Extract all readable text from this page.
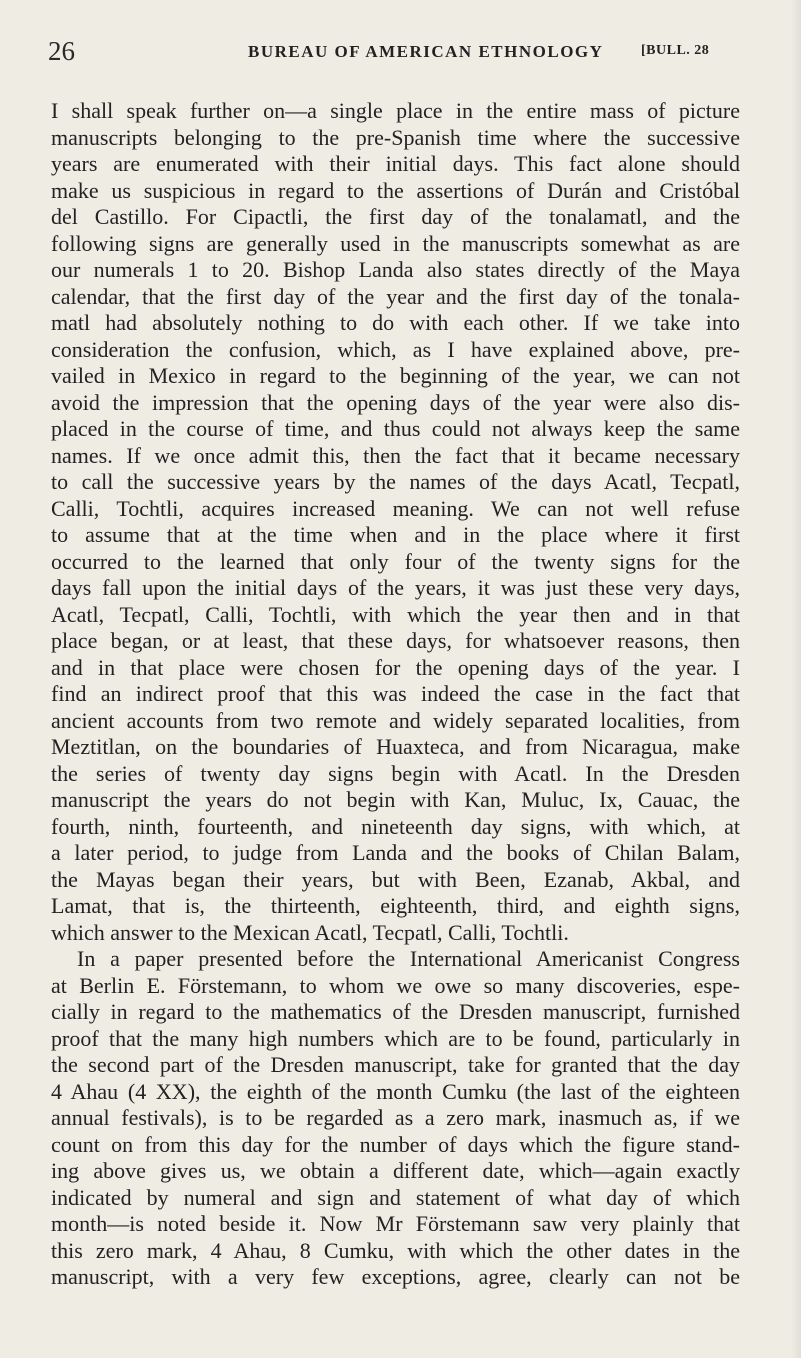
26	BUREAU OF AMERICAN ETHNOLOGY	[BULL. 28
I shall speak further on—a single place in the entire mass of picture
manuscripts belonging to the pre-Spanish time where the successive
years are enumerated with their initial days. This fact alone should
make us suspicious in regard to the assertions of Durán and Cristóbal
del Castillo. For Cipactli, the first day of the tonalamatl, and the
following signs are generally used in the manuscripts somewhat as are
our numerals 1 to 20. Bishop Landa also states directly of the Maya
calendar, that the first day of the year and the first day of the tonala-
matl had absolutely nothing to do with each other. If we take into
consideration the confusion, which, as I have explained above, pre-
vailed in Mexico in regard to the beginning of the year, we can not
avoid the impression that the opening days of the year were also dis-
placed in the course of time, and thus could not always keep the same
names. If we once admit this, then the fact that it became necessary
to call the successive years by the names of the days Acatl, Tecpatl,
Calli, Tochtli, acquires increased meaning. We can not well refuse
to assume that at the time when and in the place where it first
occurred to the learned that only four of the twenty signs for the
days fall upon the initial days of the years, it was just these very days,
Acatl, Tecpatl, Calli, Tochtli, with which the year then and in that
place began, or at least, that these days, for whatsoever reasons, then
and in that place were chosen for the opening days of the year. I
find an indirect proof that this was indeed the case in the fact that
ancient accounts from two remote and widely separated localities, from
Meztitlan, on the boundaries of Huaxteca, and from Nicaragua, make
the series of twenty day signs begin with Acatl. In the Dresden
manuscript the years do not begin with Kan, Muluc, Ix, Cauac, the
fourth, ninth, fourteenth, and nineteenth day signs, with which, at
a later period, to judge from Landa and the books of Chilan Balam,
the Mayas began their years, but with Been, Ezanab, Akbal, and
Lamat, that is, the thirteenth, eighteenth, third, and eighth signs,
which answer to the Mexican Acatl, Tecpatl, Calli, Tochtli.
In a paper presented before the International Americanist Congress
at Berlin E. Förstemann, to whom we owe so many discoveries, espe-
cially in regard to the mathematics of the Dresden manuscript, furnished
proof that the many high numbers which are to be found, particularly in
the second part of the Dresden manuscript, take for granted that the day
4 Ahau (4 XX), the eighth of the month Cumku (the last of the eighteen
annual festivals), is to be regarded as a zero mark, inasmuch as, if we
count on from this day for the number of days which the figure stand-
ing above gives us, we obtain a different date, which—again exactly
indicated by numeral and sign and statement of what day of which
month—is noted beside it. Now Mr Förstemann saw very plainly that
this zero mark, 4 Ahau, 8 Cumku, with which the other dates in the
manuscript, with a very few exceptions, agree, clearly can not be
